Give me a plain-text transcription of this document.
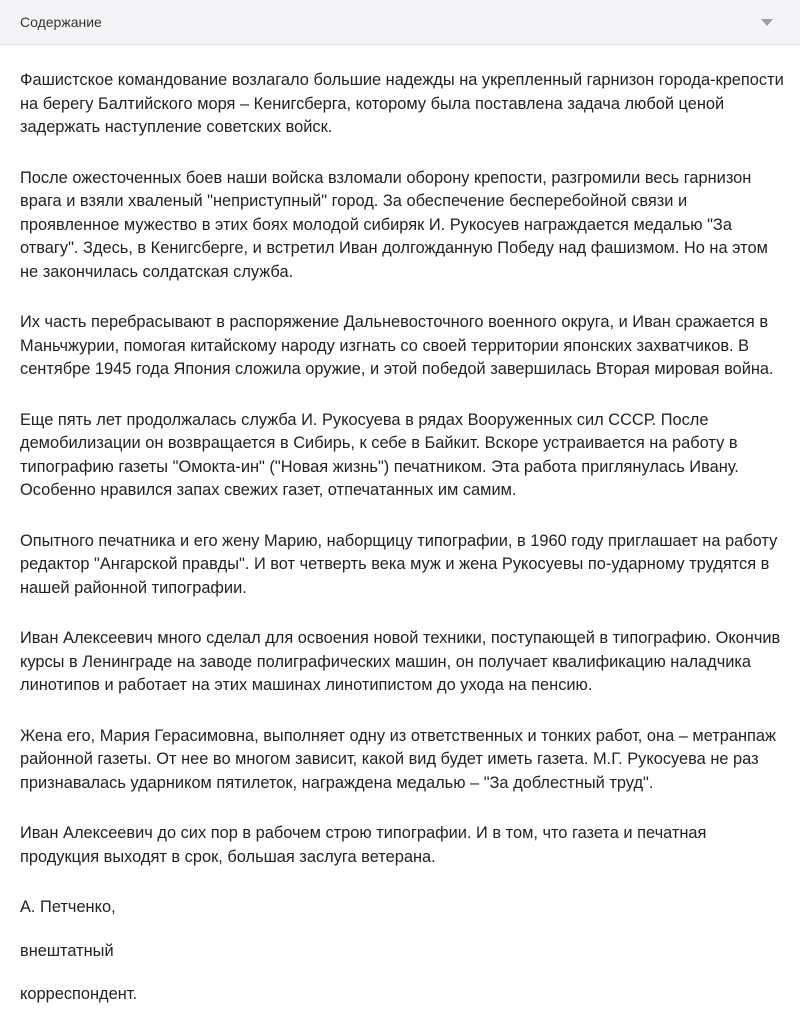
Содержание

Фашистское командование возлагало большие надежды на укрепленный гарнизон города-крепости на берегу Балтийского моря – Кенигсберга, которому была поставлена задача любой ценой задержать наступление советских войск.

После ожесточенных боев наши войска взломали оборону крепости, разгромили весь гарнизон врага и взяли хваленый "неприступный" город. За обеспечение бесперебойной связи и проявленное мужество в этих боях молодой сибиряк И. Рукосуев награждается медалью "За отвагу". Здесь, в Кенигсберге, и встретил Иван долгожданную Победу над фашизмом. Но на этом не закончилась солдатская служба.

Их часть перебрасывают в распоряжение Дальневосточного военного округа, и Иван сражается в Маньчжурии, помогая китайскому народу изгнать со своей территории японских захватчиков. В сентябре 1945 года Япония сложила оружие, и этой победой завершилась Вторая мировая война.

Еще пять лет продолжалась служба И. Рукосуева в рядах Вооруженных сил СССР. После демобилизации он возвращается в Сибирь, к себе в Байкит. Вскоре устраивается на работу в типографию газеты "Омокта-ин" ("Новая жизнь") печатником. Эта работа приглянулась Ивану. Особенно нравился запах свежих газет, отпечатанных им самим.

Опытного печатника и его жену Марию, наборщицу типографии, в 1960 году приглашает на работу редактор "Ангарской правды". И вот четверть века муж и жена Рукосуевы по-ударному трудятся в нашей районной типографии.

Иван Алексеевич много сделал для освоения новой техники, поступающей в типографию. Окончив курсы в Ленинграде на заводе полиграфических машин, он получает квалификацию наладчика линотипов и работает на этих машинах линотипистом до ухода на пенсию.

Жена его, Мария Герасимовна, выполняет одну из ответственных и тонких работ, она – метранпаж районной газеты. От нее во многом зависит, какой вид будет иметь газета. М.Г. Рукосуева не раз признавалась ударником пятилеток, награждена медалью – "За доблестный труд".

Иван Алексеевич до сих пор в рабочем строю типографии. И в том, что газета и печатная продукция выходят в срок, большая заслуга ветерана.

А. Петченко,

внештатный

корреспондент.
